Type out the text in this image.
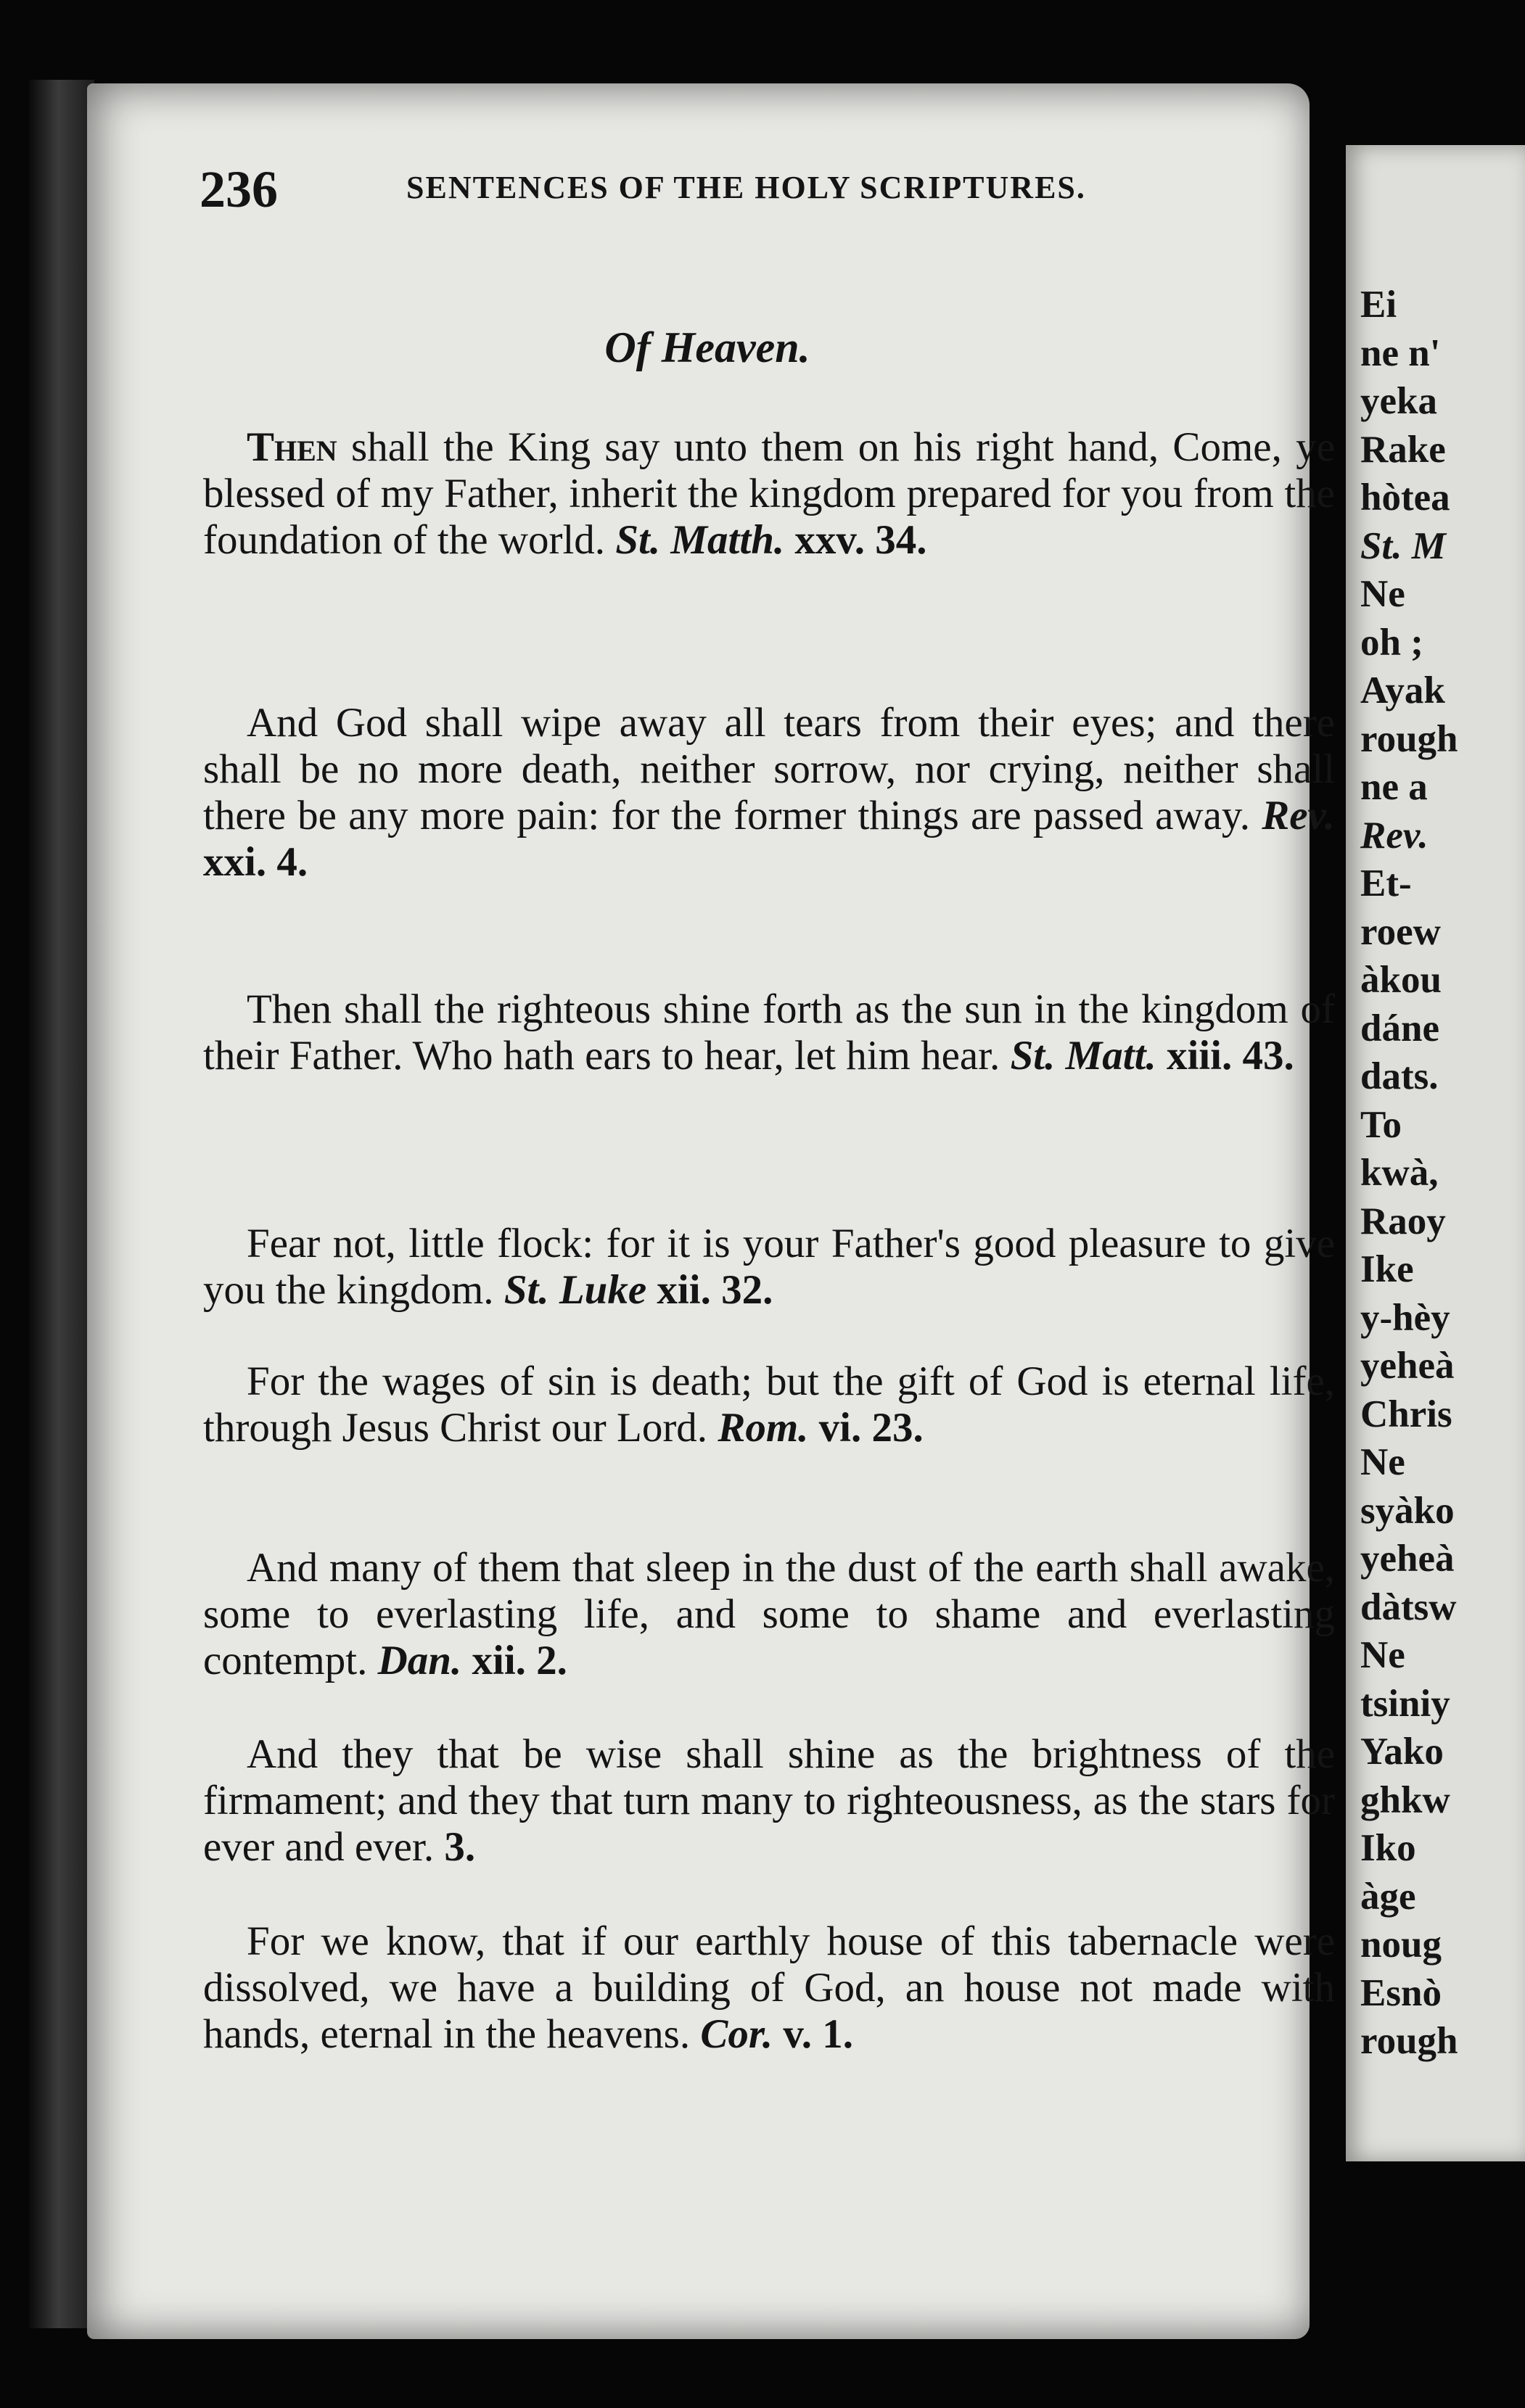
236	SENTENCES OF THE HOLY SCRIPTURES.
Of Heaven.
Then shall the King say unto them on his right hand, Come, ye blessed of my Father, inherit the kingdom prepared for you from the foundation of the world. St. Matth. xxv. 34.
And God shall wipe away all tears from their eyes; and there shall be no more death, neither sorrow, nor crying, neither shall there be any more pain: for the former things are passed away. Rev. xxi. 4.
Then shall the righteous shine forth as the sun in the kingdom of their Father. Who hath ears to hear, let him hear. St. Matt. xiii. 43.
Fear not, little flock: for it is your Father's good pleasure to give you the kingdom. St. Luke xii. 32.
For the wages of sin is death; but the gift of God is eternal life, through Jesus Christ our Lord. Rom. vi. 23.
And many of them that sleep in the dust of the earth shall awake, some to everlasting life, and some to shame and everlasting contempt. Dan. xii. 2.
And they that be wise shall shine as the brightness of the firmament; and they that turn many to righteousness, as the stars for ever and ever. 3.
For we know, that if our earthly house of this tabernacle were dissolved, we have a building of God, an house not made with hands, eternal in the heavens. Cor. v. 1.
Ei
ne n'
yeka
Rake
hòtea
St. M
Ne
oh ;
Ayak
rough
ne a
Rev.
Et-
roew
àkou
dáne
dats.
To
kwà,
Raoy
Ike
y-hèy
yeheà
Chris
Ne
syàko
yeheà
dàtsw
Ne
tsiniy
Yako
ghkw
Iko
àge
noug
Esnò
rough
